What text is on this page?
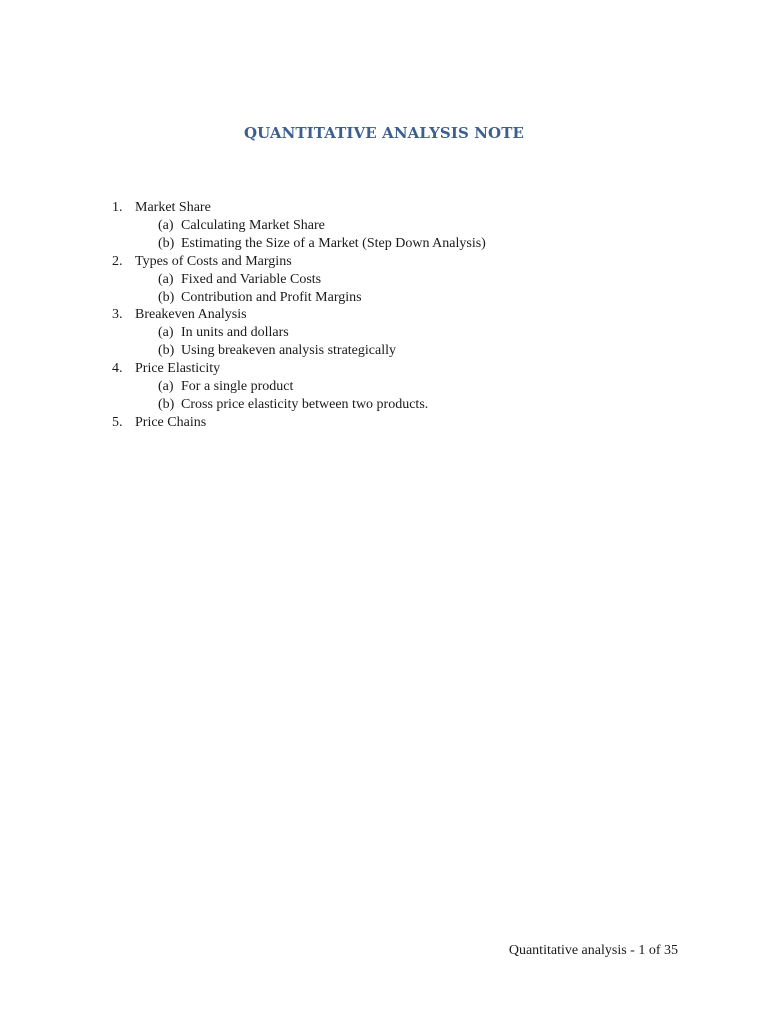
QUANTITATIVE ANALYSIS NOTE
1. Market Share
(a) Calculating Market Share
(b) Estimating the Size of a Market (Step Down Analysis)
2. Types of Costs and Margins
(a) Fixed and Variable Costs
(b) Contribution and Profit Margins
3. Breakeven Analysis
(a) In units and dollars
(b) Using breakeven analysis strategically
4. Price Elasticity
(a) For a single product
(b) Cross price elasticity between two products.
5. Price Chains
Quantitative analysis - 1 of 35
